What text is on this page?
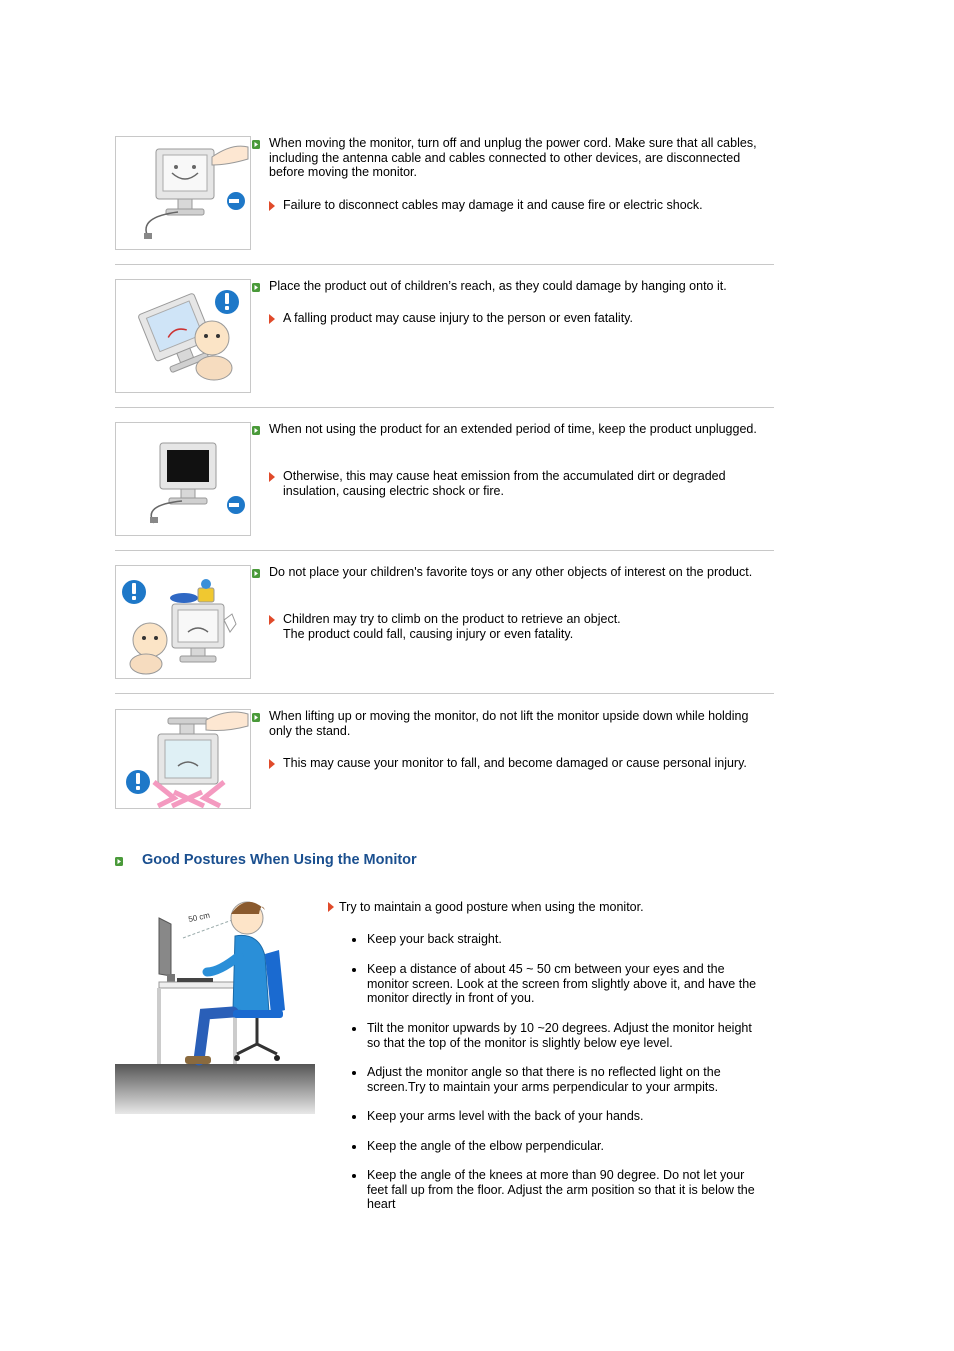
When moving the monitor, turn off and unplug the power cord. Make sure that all cables, including the antenna cable and cables connected to other devices, are disconnected before moving the monitor.
Failure to disconnect cables may damage it and cause fire or electric shock.
Place the product out of children’s reach, as they could damage by hanging onto it.
A falling product may cause injury to the person or even fatality.
When not using the product for an extended period of time, keep the product unplugged.
Otherwise, this may cause heat emission from the accumulated dirt or degraded insulation, causing electric shock or fire.
Do not place your children's favorite toys or any other objects of interest on the product.
Children may try to climb on the product to retrieve an object.
The product could fall, causing injury or even fatality.
When lifting up or moving the monitor, do not lift the monitor upside down while holding only the stand.
This may cause your monitor to fall, and become damaged or cause personal injury.
Good Postures When Using the Monitor
50 cm
Try to maintain a good posture when using the monitor.
Keep your back straight.
Keep a distance of about 45 ~ 50 cm between your eyes and the monitor screen. Look at the screen from slightly above it, and have the monitor directly in front of you.
Tilt the monitor upwards by 10 ~20 degrees. Adjust the monitor height so that the top of the monitor is slightly below eye level.
Adjust the monitor angle so that there is no reflected light on the screen.Try to maintain your arms perpendicular to your armpits.
Keep your arms level with the back of your hands.
Keep the angle of the elbow perpendicular.
Keep the angle of the knees at more than 90 degree. Do not let your feet fall up from the floor. Adjust the arm position so that it is below the heart
